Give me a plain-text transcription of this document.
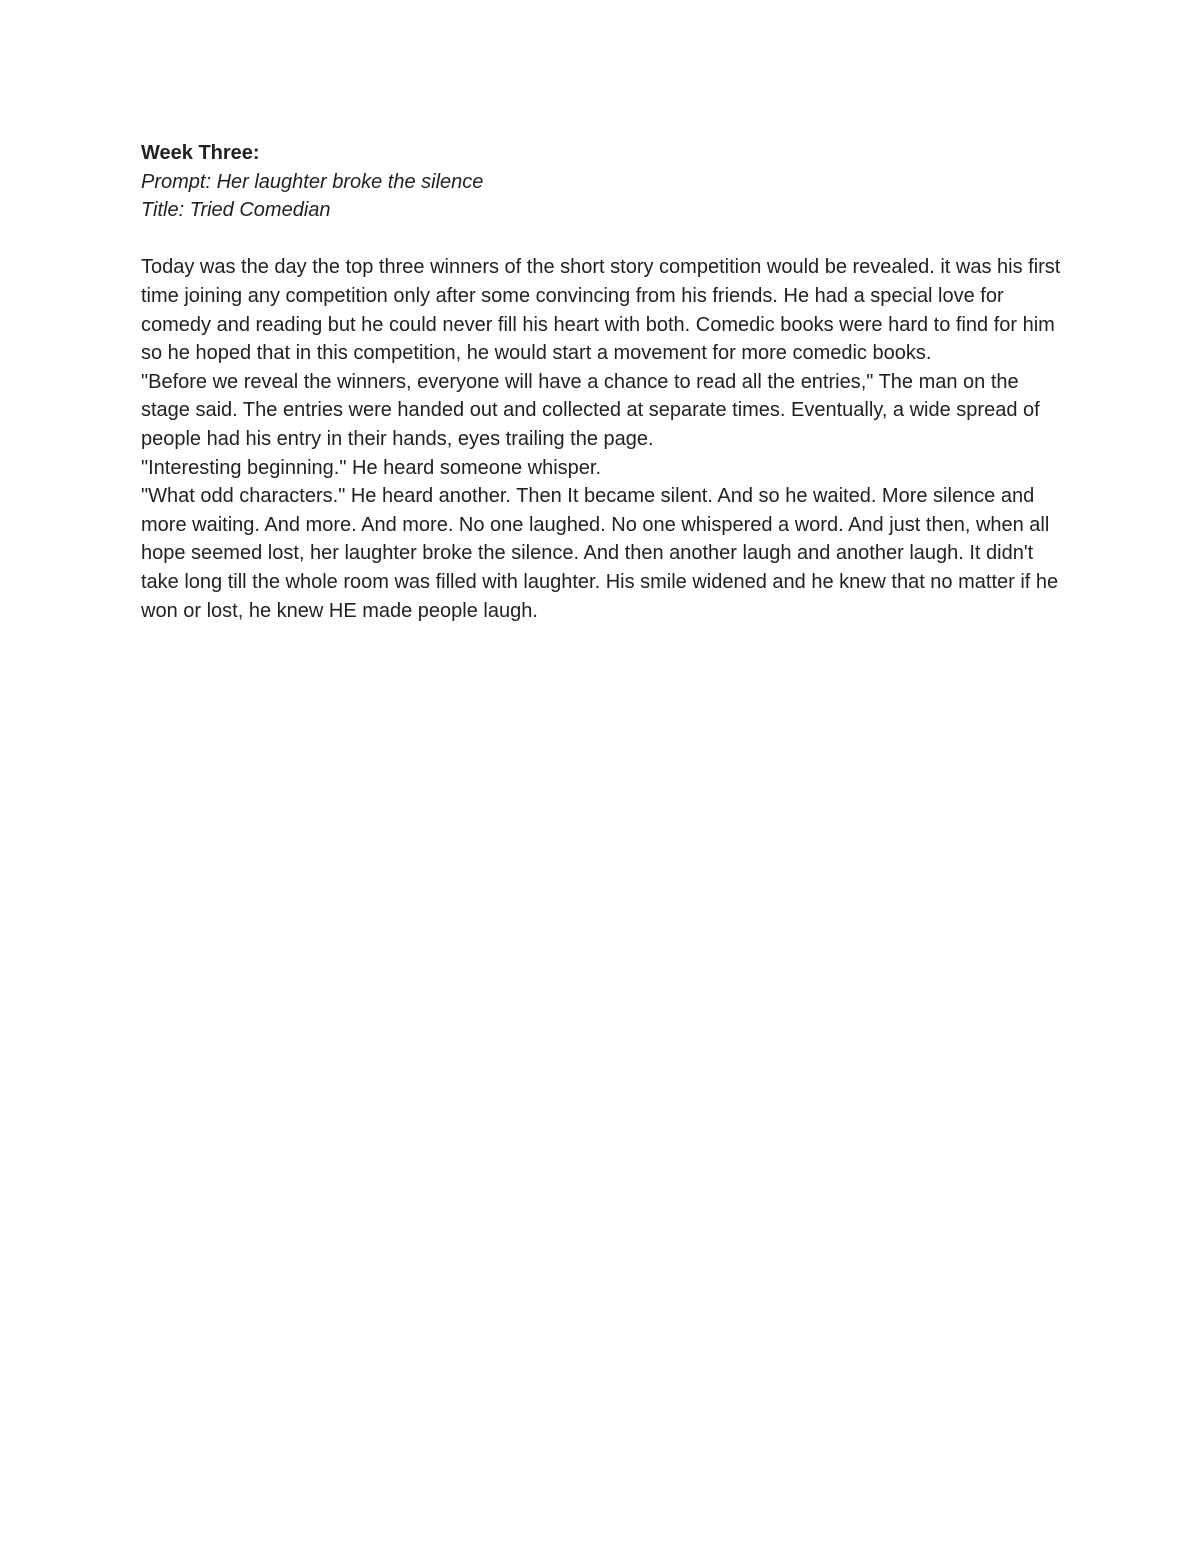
Week Three:

Prompt: Her laughter broke the silence

Title: Tried Comedian

Today was the day the top three winners of the short story competition would be revealed. it was his first time joining any competition only after some convincing from his friends. He had a special love for comedy and reading but he could never fill his heart with both. Comedic books were hard to find for him so he hoped that in this competition, he would start a movement for more comedic books.

"Before we reveal the winners, everyone will have a chance to read all the entries," The man on the stage said. The entries were handed out and collected at separate times. Eventually, a wide spread of people had his entry in their hands, eyes trailing the page.

"Interesting beginning." He heard someone whisper.

"What odd characters." He heard another. Then It became silent. And so he waited. More silence and more waiting. And more. And more. No one laughed. No one whispered a word. And just then, when all hope seemed lost, her laughter broke the silence. And then another laugh and another laugh. It didn't take long till the whole room was filled with laughter. His smile widened and he knew that no matter if he won or lost, he knew HE made people laugh.
